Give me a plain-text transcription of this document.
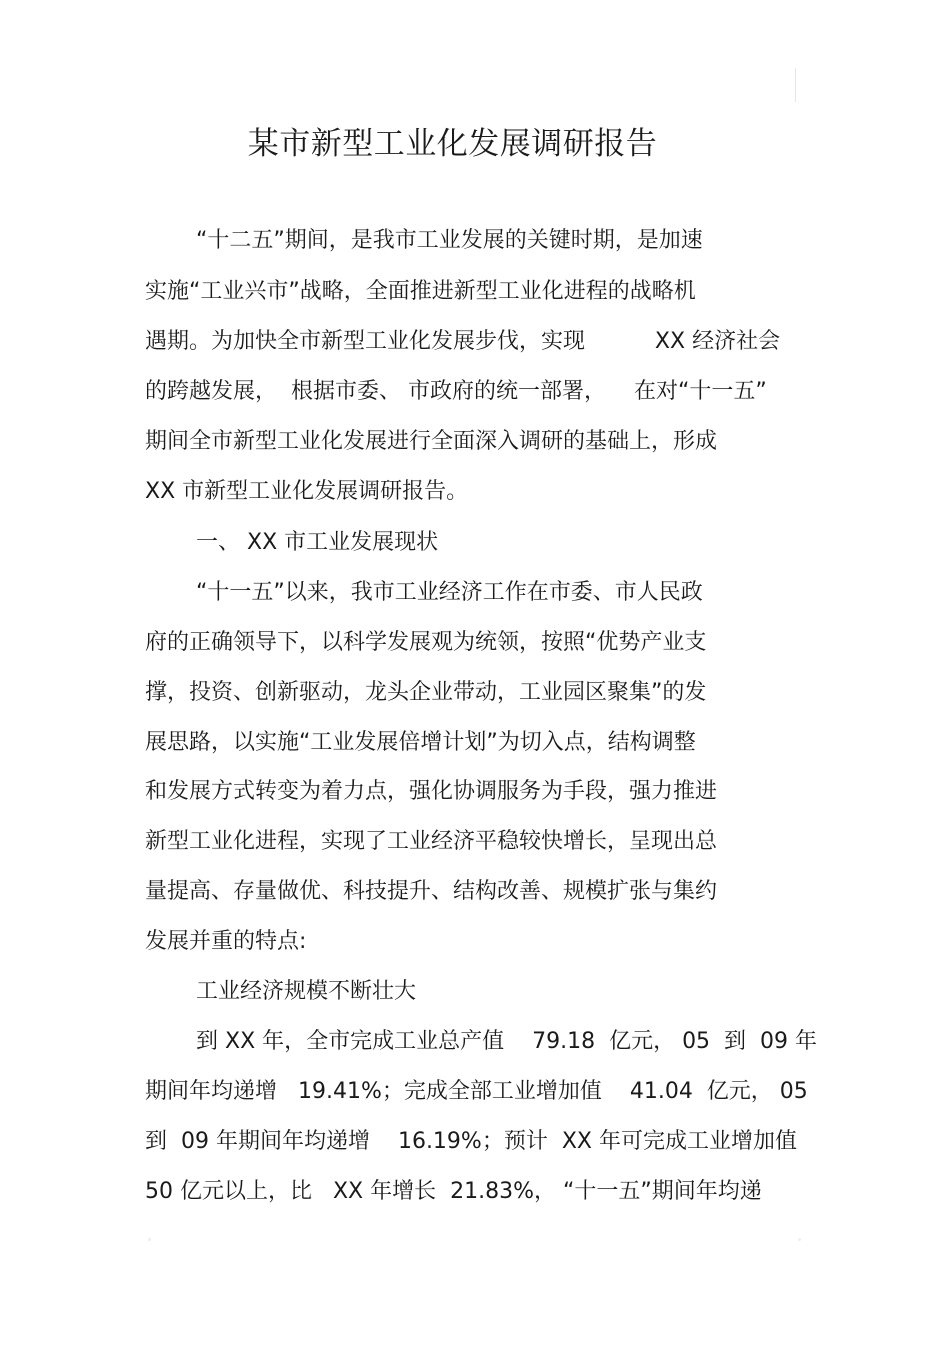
某市新型工业化发展调研报告

“十二五”期间，是我市工业发展的关键时期，是加速

实施“工业兴市”战略，全面推进新型工业化进程的战略机

遇期。为加快全市新型工业化发展步伐，实现          XX 经济社会

的跨越发展，  根据市委、 市政府的统一部署，    在对“十一五”

期间全市新型工业化发展进行全面深入调研的基础上，形成

XX 市新型工业化发展调研报告。

一、 XX 市工业发展现状

“十一五”以来，我市工业经济工作在市委、市人民政

府的正确领导下，以科学发展观为统领，按照“优势产业支

撑，投资、创新驱动，龙头企业带动，工业园区聚集”的发

展思路，以实施“工业发展倍增计划”为切入点，结构调整

和发展方式转变为着力点，强化协调服务为手段，强力推进

新型工业化进程，实现了工业经济平稳较快增长，呈现出总

量提高、存量做优、科技提升、结构改善、规模扩张与集约

发展并重的特点:

工业经济规模不断壮大

到 XX 年，全市完成工业总产值    79.18  亿元， 05  到  09 年

期间年均递增   19.41%；完成全部工业增加值    41.04  亿元， 05

到  09 年期间年均递增    16.19%；预计  XX 年可完成工业增加值

50 亿元以上，比   XX 年增长  21.83%， “十一五”期间年均递
